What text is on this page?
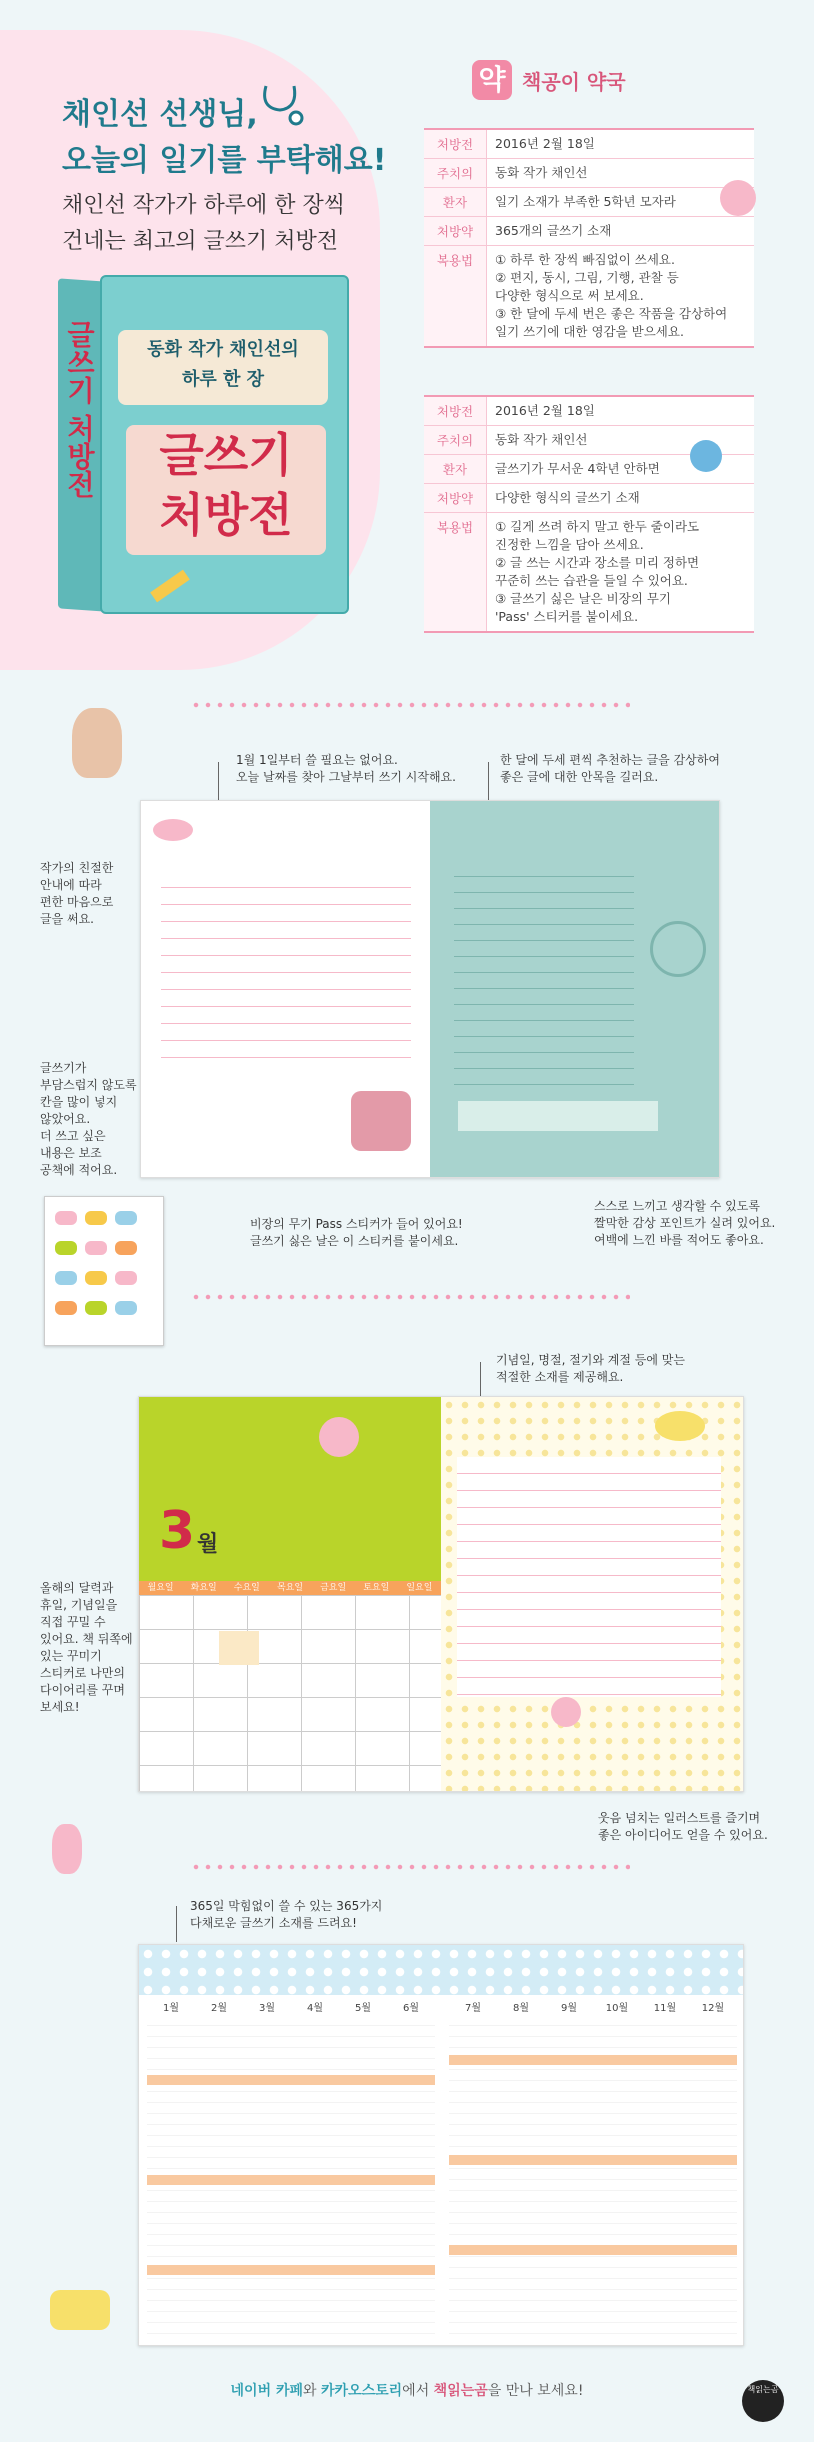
채인선 선생님,
오늘의 일기를 부탁해요!
채인선 작가가 하루에 한 장씩
건네는 최고의 글쓰기 처방전
글쓰기 처방전	동화 작가 채인선의
하루 한 장
글쓰기
처방전
약 책공이 약국
처방전	2016년 2월 18일
주치의	동화 작가 채인선
환자	일기 소재가 부족한 5학년 모자라
처방약	365개의 글쓰기 소재
복용법	① 하루 한 장씩 빠짐없이 쓰세요.
② 편지, 동시, 그림, 기행, 관찰 등
다양한 형식으로 써 보세요.
③ 한 달에 두세 번은 좋은 작품을 감상하여
일기 쓰기에 대한 영감을 받으세요.
처방전	2016년 2월 18일
주치의	동화 작가 채인선
환자	글쓰기가 무서운 4학년 안하면
처방약	다양한 형식의 글쓰기 소재
복용법	① 길게 쓰려 하지 말고 한두 줄이라도
진정한 느낌을 담아 쓰세요.
② 글 쓰는 시간과 장소를 미리 정하면
꾸준히 쓰는 습관을 들일 수 있어요.
③ 글쓰기 싫은 날은 비장의 무기
'Pass' 스티커를 붙이세요.
1월 1일부터 쓸 필요는 없어요.
오늘 날짜를 찾아 그날부터 쓰기 시작해요.
한 달에 두세 편씩 추천하는 글을 감상하여
좋은 글에 대한 안목을 길러요.
작가의 친절한
안내에 따라
편한 마음으로
글을 써요.
글쓰기가
부담스럽지 않도록
칸을 많이 넣지
않았어요.
더 쓰고 싶은
내용은 보조
공책에 적어요.
스스로 느끼고 생각할 수 있도록
짤막한 감상 포인트가 실려 있어요.
여백에 느낀 바를 적어도 좋아요.

비장의 무기 Pass 스티커가 들어 있어요!
글쓰기 싫은 날은 이 스티커를 붙이세요.
기념일, 명절, 절기와 계절 등에 맞는
적절한 소재를 제공해요.
3 월
월요일	화요일	수요일	목요일	금요일	토요일	일요일
올해의 달력과
휴일, 기념일을
직접 꾸밀 수
있어요. 책 뒤쪽에
있는 꾸미기
스티커로 나만의
다이어리를 꾸며
보세요!
웃음 넘치는 일러스트를 즐기며
좋은 아이디어도 얻을 수 있어요.
365일 막힘없이 쓸 수 있는 365가지
다채로운 글쓰기 소재를 드려요!
1월	2월	3월	4월	5월	6월	7월	8월	9월	10월	11월	12월
네이버 카페와 카카오스토리에서 책읽는곰을 만나 보세요!	책읽는곰
